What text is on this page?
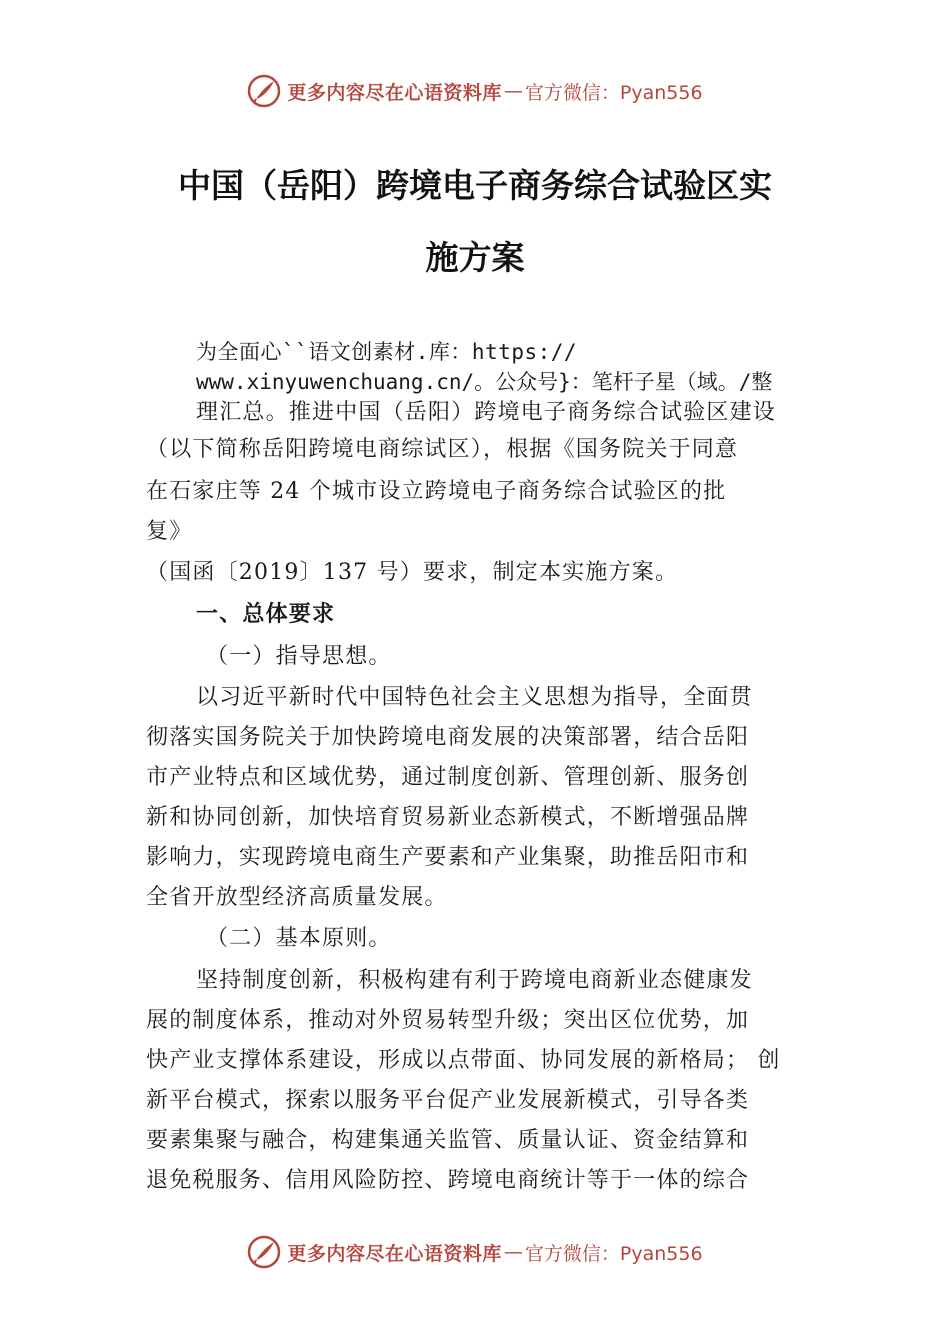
更多内容尽在心语资料库 — 官方微信：Pyan556
中国（岳阳）跨境电子商务综合试验区实
施方案

为全面心``语文创素材.库：https://

www.xinyuwenchuang.cn/。公众号}：笔杆子星（域。/整

理汇总。推进中国（岳阳）跨境电子商务综合试验区建设

（以下简称岳阳跨境电商综试区），根据《国务院关于同意

在石家庄等 24 个城市设立跨境电子商务综合试验区的批

复》

（国函〔2019〕137 号）要求，制定本实施方案。

一、总体要求

（一）指导思想。

以习近平新时代中国特色社会主义思想为指导，全面贯

彻落实国务院关于加快跨境电商发展的决策部署，结合岳阳

市产业特点和区域优势，通过制度创新、管理创新、服务创

新和协同创新，加快培育贸易新业态新模式，不断增强品牌

影响力，实现跨境电商生产要素和产业集聚，助推岳阳市和

全省开放型经济高质量发展。

（二）基本原则。

坚持制度创新，积极构建有利于跨境电商新业态健康发

展的制度体系，推动对外贸易转型升级；突出区位优势，加

快产业支撑体系建设，形成以点带面、协同发展的新格局； 创

新平台模式，探索以服务平台促产业发展新模式，引导各类

要素集聚与融合，构建集通关监管、质量认证、资金结算和

退免税服务、信用风险防控、跨境电商统计等于一体的综合

更多内容尽在心语资料库 — 官方微信：Pyan556
